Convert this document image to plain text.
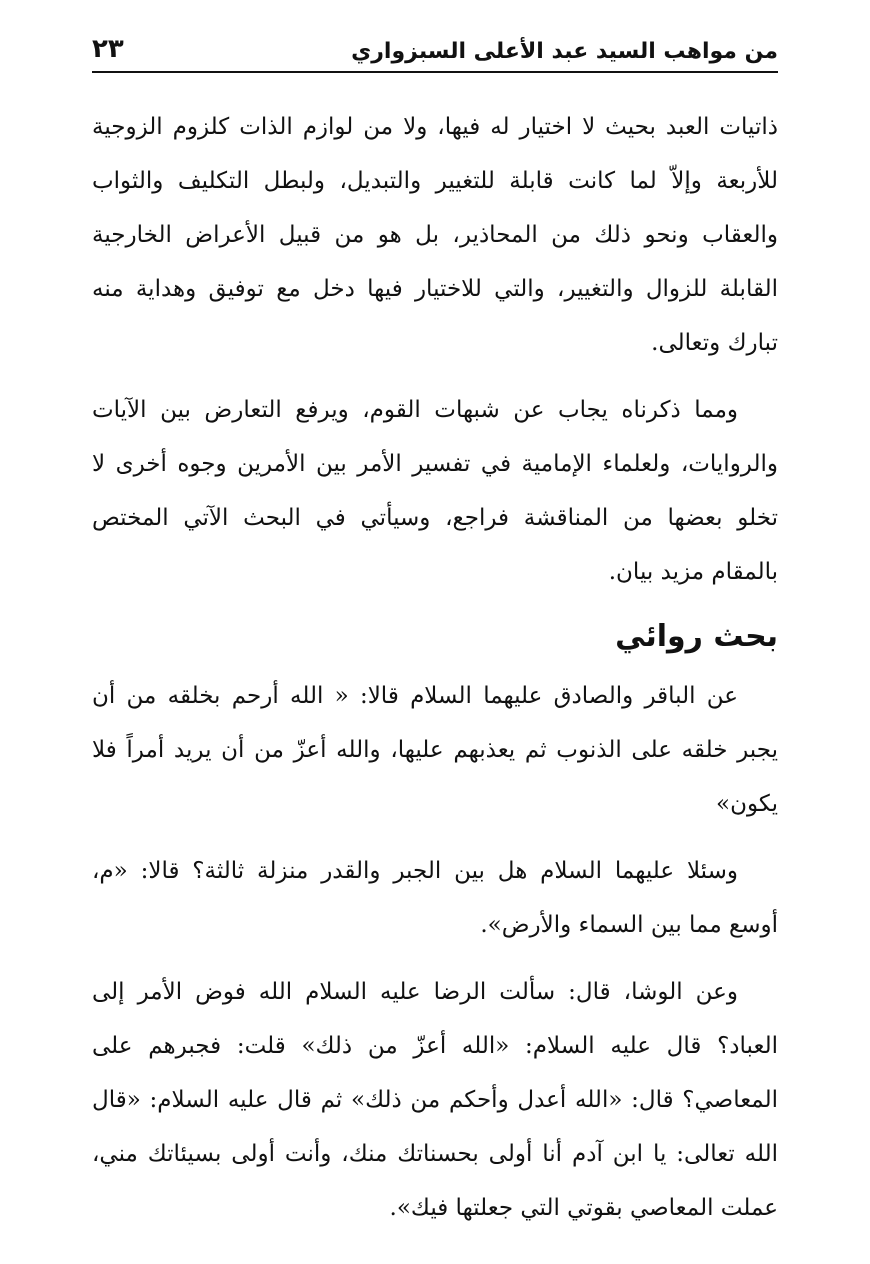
من مواهب السيد عبد الأعلى السبزواري
٢٣

ذاتيات العبد بحيث لا اختيار له فيها، ولا من لوازم الذات كلزوم الزوجية للأربعة وإلاّ لما كانت قابلة للتغيير والتبديل، ولبطل التكليف والثواب والعقاب ونحو ذلك من المحاذير، بل هو من قبيل الأعراض الخارجية القابلة للزوال والتغيير، والتي للاختيار فيها دخل مع توفيق وهداية منه تبارك وتعالى.

ومما ذكرناه يجاب عن شبهات القوم، ويرفع التعارض بين الآيات والروايات، ولعلماء الإمامية في تفسير الأمر بين الأمرين وجوه أخرى لا تخلو بعضها من المناقشة فراجع، وسيأتي في البحث الآتي المختص بالمقام مزيد بيان.

بحث روائي

عن الباقر والصادق عليهما السلام قالا: « الله أرحم بخلقه من أن يجبر خلقه على الذنوب ثم يعذبهم عليها، والله أعزّ من أن يريد أمراً فلا يكون»

وسئلا عليهما السلام هل بين الجبر والقدر منزلة ثالثة؟ قالا: «م، أوسع مما بين السماء والأرض».

وعن الوشا، قال: سألت الرضا عليه السلام الله فوض الأمر إلى العباد؟ قال عليه السلام: «الله أعزّ من ذلك» قلت: فجبرهم على المعاصي؟ قال: «الله أعدل وأحكم من ذلك» ثم قال عليه السلام: «قال الله تعالى: يا ابن آدم أنا أولى بحسناتك منك، وأنت أولى بسيئاتك مني، عملت المعاصي بقوتي التي جعلتها فيك».
